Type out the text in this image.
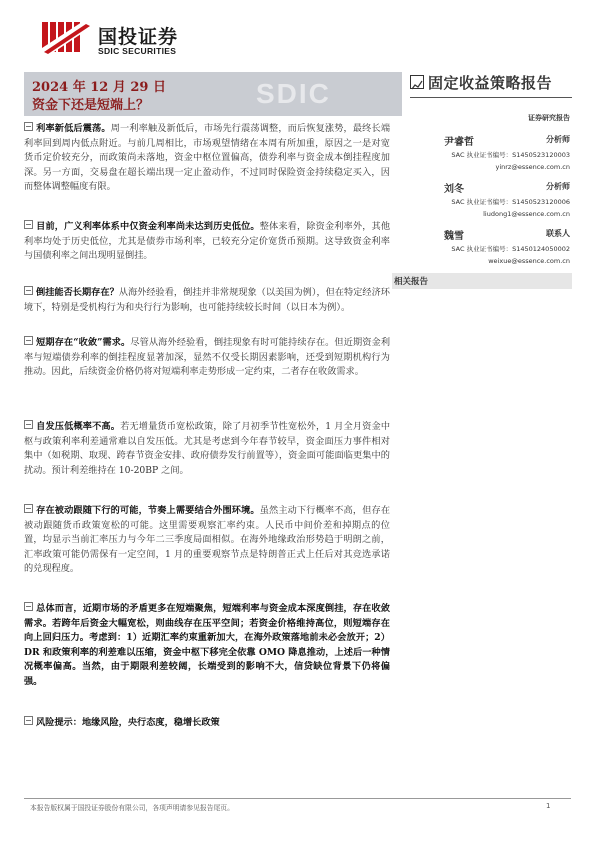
国投证券
SDIC SECURITIES
SDIC
2024 年 12 月 29 日
资金下还是短端上？
固定收益策略报告
证券研究报告
尹睿哲	分析师
SAC 执业证书编号：S1450523120003
yinrz@essence.com.cn
刘冬	分析师
SAC 执业证书编号：S1450523120006
liudong1@essence.com.cn
魏雪	联系人
SAC 执业证书编号：S1450124050002
weixue@essence.com.cn
相关报告
利率新低后震荡。周一利率触及新低后，市场先行震荡调整，而后恢复涨势，最终长端利率回到周内低点附近。与前几周相比，市场观望情绪在本周有所加重，原因之一是对宽货币定价较充分，而政策尚未落地，资金中枢位置偏高，债券利率与资金成本倒挂程度加深。另一方面，交易盘在超长端出现一定止盈动作，不过同时保险资金持续稳定买入，因而整体调整幅度有限。
目前，广义利率体系中仅资金利率尚未达到历史低位。整体来看，除资金利率外，其他利率均处于历史低位，尤其是债券市场利率，已较充分定价宽货币预期。这导致资金利率与国债利率之间出现明显倒挂。
倒挂能否长期存在？从海外经验看，倒挂并非常规现象（以美国为例），但在特定经济环境下，特别是受机构行为和央行行为影响，也可能持续较长时间（以日本为例）。
短期存在“收敛”需求。尽管从海外经验看，倒挂现象有时可能持续存在。但近期资金利率与短端债券利率的倒挂程度显著加深，显然不仅受长期因素影响，还受到短期机构行为推动。因此，后续资金价格仍将对短端利率走势形成一定约束，二者存在收敛需求。
自发压低概率不高。若无增量货币宽松政策，除了月初季节性宽松外，1 月全月资金中枢与政策利率利差通常难以自发压低。尤其是考虑到今年春节较早，资金面压力事件相对集中（如税期、取现、跨春节资金安排、政府债券发行前置等），资金面可能面临更集中的扰动。预计利差维持在 10-20BP 之间。
存在被动跟随下行的可能，节奏上需要结合外围环境。虽然主动下行概率不高，但存在被动跟随货币政策宽松的可能。这里需要观察汇率约束。人民币中间价差和掉期点的位置，均显示当前汇率压力与今年二三季度局面相似。在海外地缘政治形势趋于明朗之前，汇率政策可能仍需保有一定空间，1 月的重要观察节点是特朗普正式上任后对其竞选承诺的兑现程度。
总体而言，近期市场的矛盾更多在短端聚焦，短端利率与资金成本深度倒挂，存在收敛需求。若跨年后资金大幅宽松，则曲线存在压平空间；若资金价格维持高位，则短端存在向上回归压力。考虑到：1）近期汇率约束重新加大，在海外政策落地前未必会放开；2）DR 和政策利率的利差难以压缩，资金中枢下移完全依靠 OMO 降息推动，上述后一种情况概率偏高。当然，由于期限利差较阔，长端受到的影响不大，信贷缺位背景下仍将偏强。
风险提示：地缘风险，央行态度，稳增长政策
本报告版权属于国投证券股份有限公司，各项声明请参见报告尾页。	1
